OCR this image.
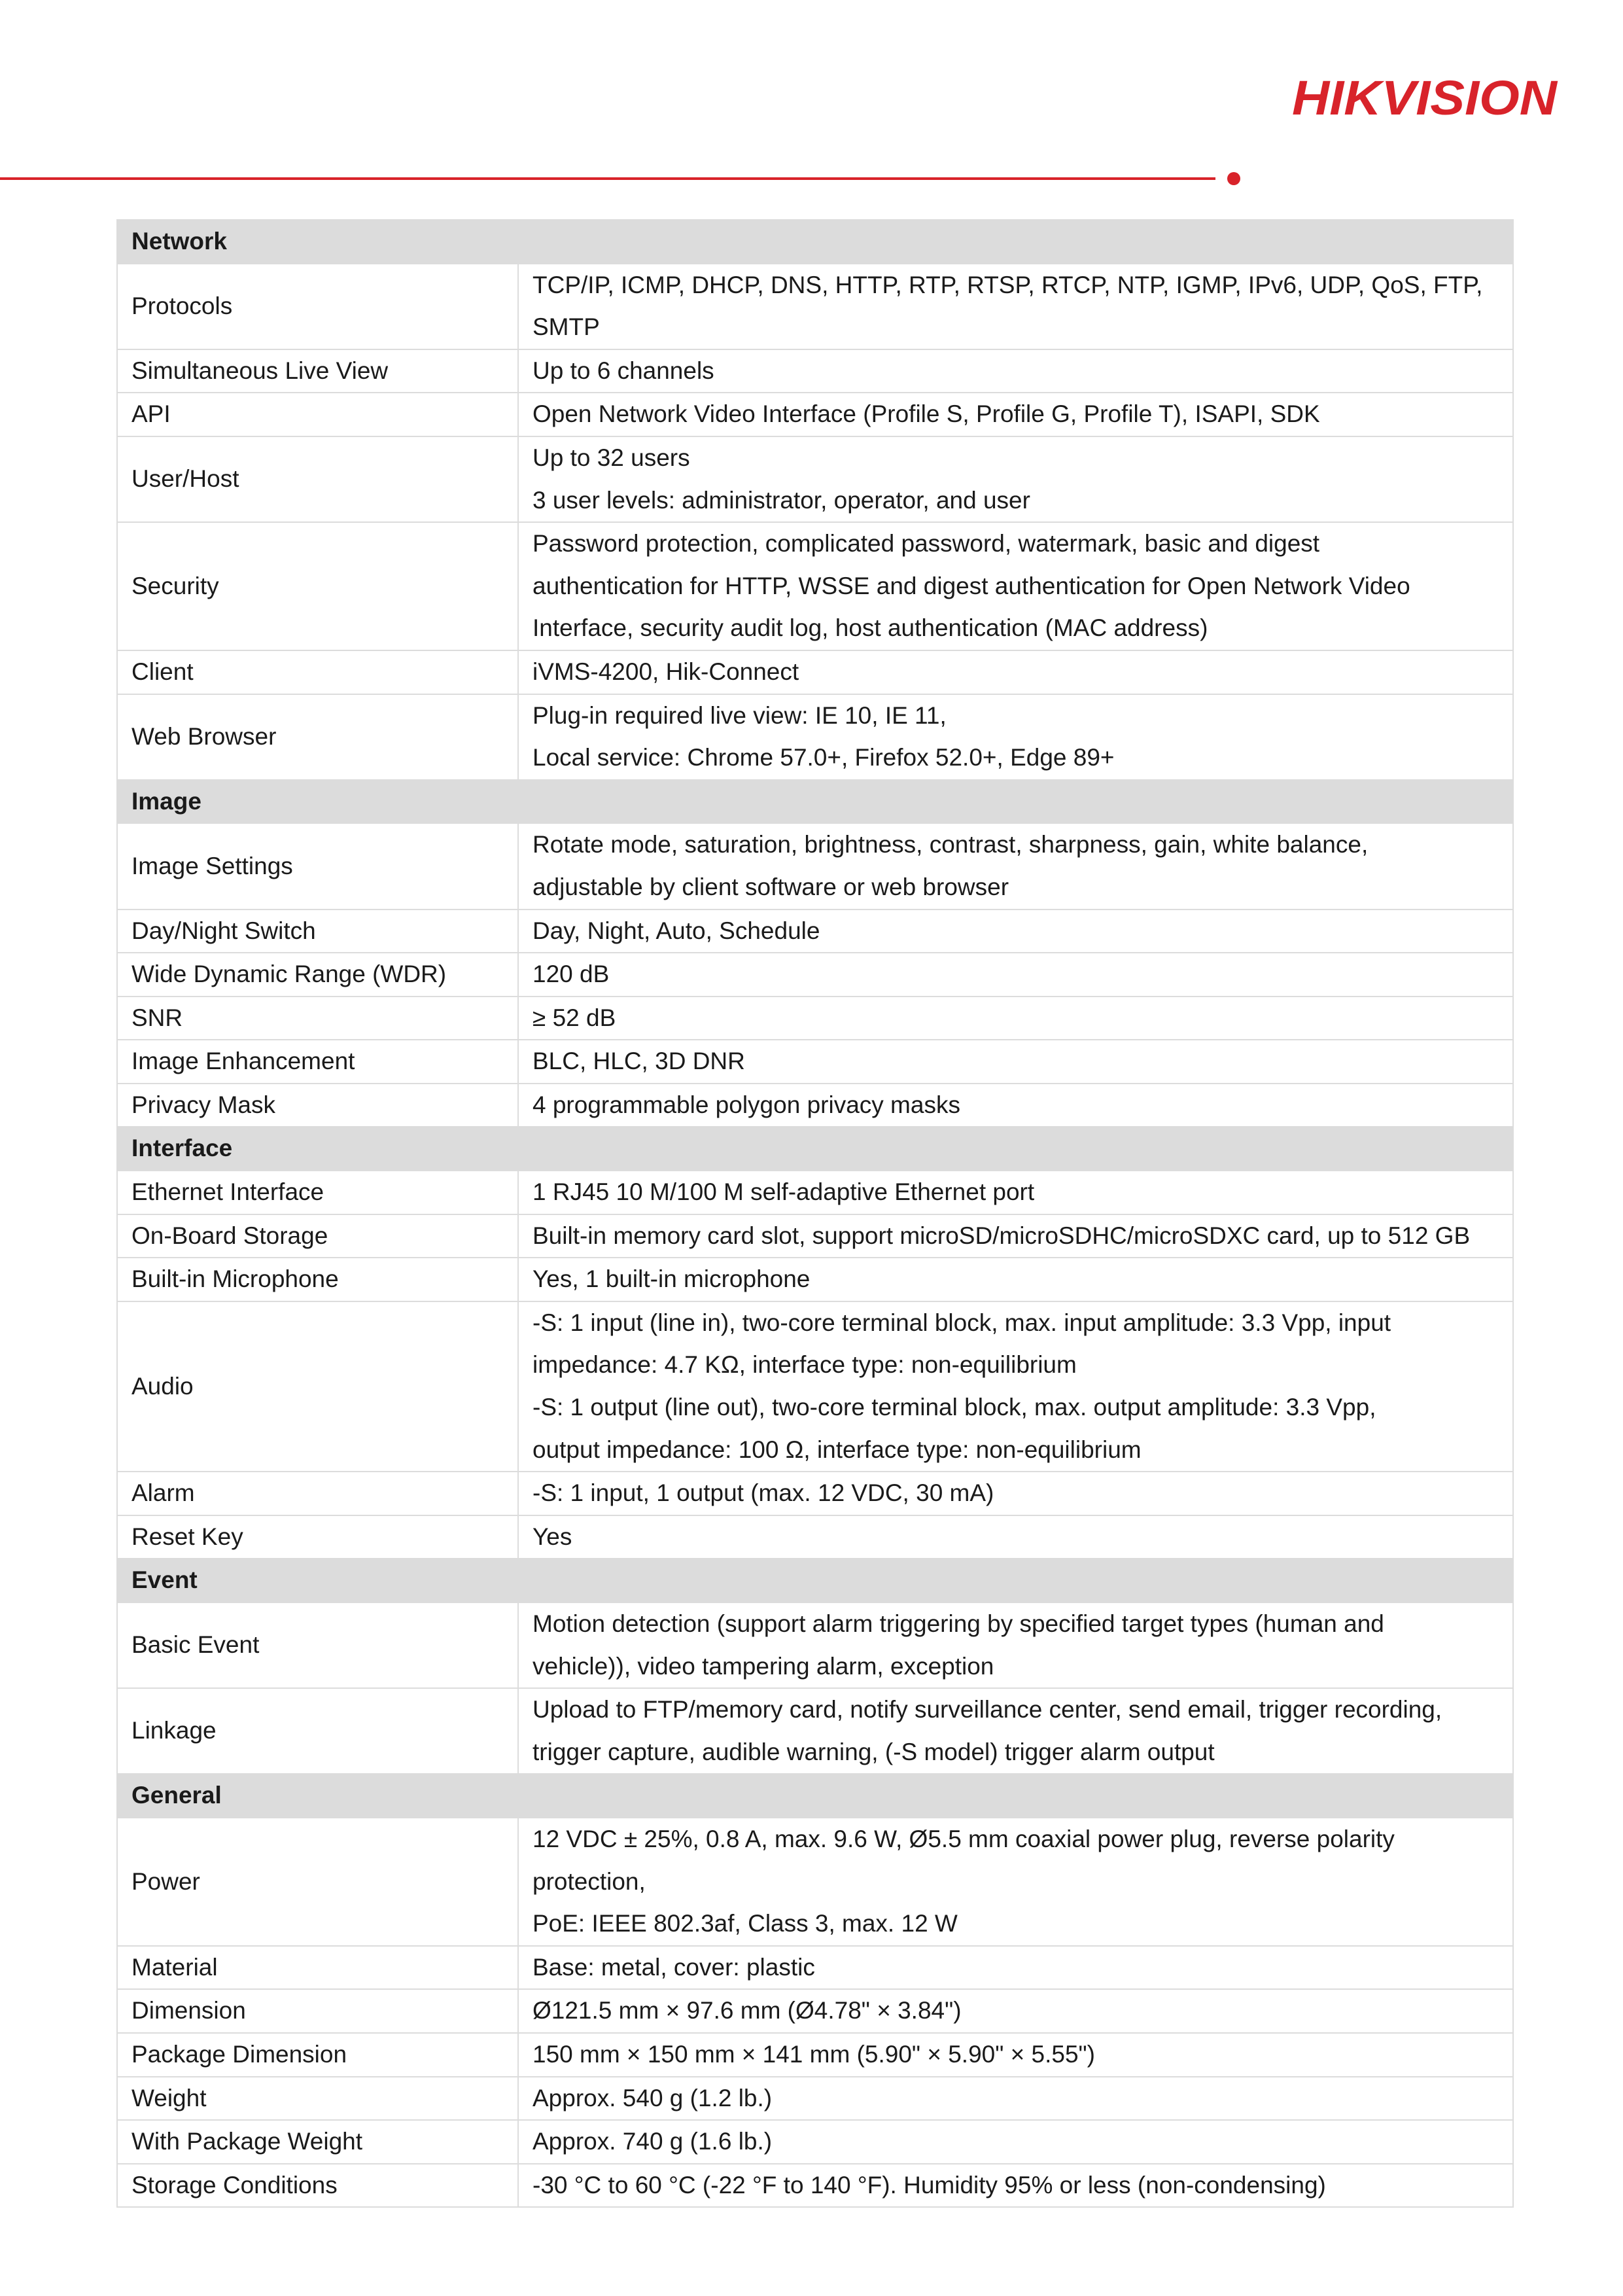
HIKVISION
Network	
Protocols	TCP/IP, ICMP, DHCP, DNS, HTTP, RTP, RTSP, RTCP, NTP, IGMP, IPv6, UDP, QoS, FTP,
SMTP

Simultaneous Live View	Up to 6 channels

API	Open Network Video Interface (Profile S, Profile G, Profile T), ISAPI, SDK

User/Host	Up to 32 users
3 user levels: administrator, operator, and user

Security	Password protection, complicated password, watermark, basic and digest
authentication for HTTP, WSSE and digest authentication for Open Network Video
Interface, security audit log, host authentication (MAC address)

Client	iVMS-4200, Hik-Connect

Web Browser	Plug-in required live view: IE 10, IE 11,
Local service: Chrome 57.0+, Firefox 52.0+, Edge 89+

Image	
Image Settings	Rotate mode, saturation, brightness, contrast, sharpness, gain, white balance,
adjustable by client software or web browser

Day/Night Switch	Day, Night, Auto, Schedule

Wide Dynamic Range (WDR)	120 dB

SNR	≥ 52 dB

Image Enhancement	BLC, HLC, 3D DNR

Privacy Mask	4 programmable polygon privacy masks

Interface	
Ethernet Interface	1 RJ45 10 M/100 M self-adaptive Ethernet port

On-Board Storage	Built-in memory card slot, support microSD/microSDHC/microSDXC card, up to 512 GB

Built-in Microphone	Yes, 1 built-in microphone

Audio	-S: 1 input (line in), two-core terminal block, max. input amplitude: 3.3 Vpp, input
impedance: 4.7 KΩ, interface type: non-equilibrium
-S: 1 output (line out), two-core terminal block, max. output amplitude: 3.3 Vpp,
output impedance: 100 Ω, interface type: non-equilibrium

Alarm	-S: 1 input, 1 output (max. 12 VDC, 30 mA)

Reset Key	Yes

Event	
Basic Event	Motion detection (support alarm triggering by specified target types (human and
vehicle)), video tampering alarm, exception

Linkage	Upload to FTP/memory card, notify surveillance center, send email, trigger recording,
trigger capture, audible warning, (-S model) trigger alarm output

General	
Power	12 VDC ± 25%, 0.8 A, max. 9.6 W, Ø5.5 mm coaxial power plug, reverse polarity
protection,
PoE: IEEE 802.3af, Class 3, max. 12 W

Material	Base: metal, cover: plastic

Dimension	Ø121.5 mm × 97.6 mm (Ø4.78" × 3.84")

Package Dimension	150 mm × 150 mm × 141 mm (5.90" × 5.90" × 5.55")

Weight	Approx. 540 g (1.2 lb.)

With Package Weight	Approx. 740 g (1.6 lb.)

Storage Conditions	-30 °C to 60 °C (-22 °F to 140 °F). Humidity 95% or less (non-condensing)
